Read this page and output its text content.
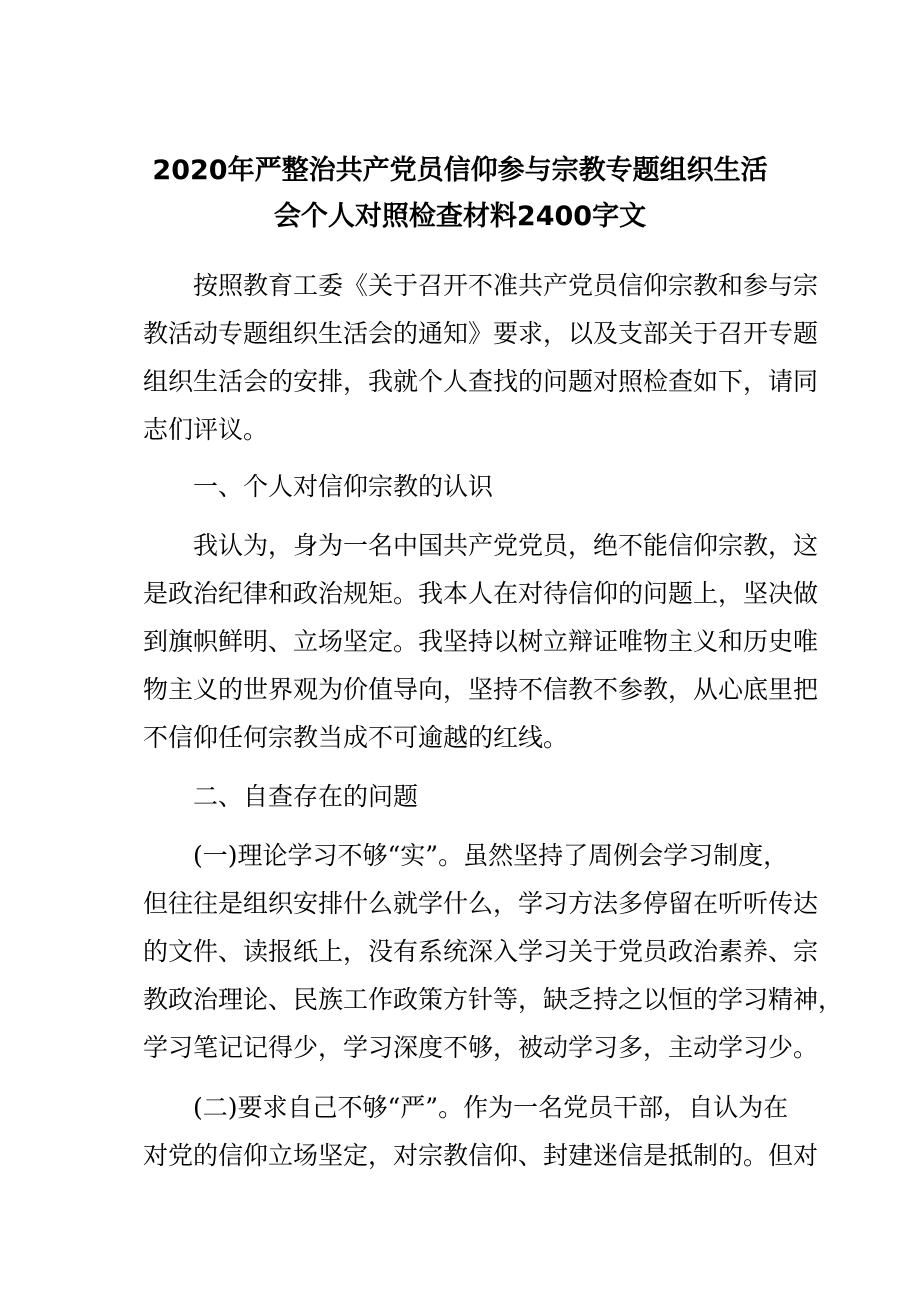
2020年严整治共产党员信仰参与宗教专题组织生活
会个人对照检查材料2400字文
按照教育工委《关于召开不准共产党员信仰宗教和参与宗
教活动专题组织生活会的通知》要求，以及支部关于召开专题
组织生活会的安排，我就个人查找的问题对照检查如下，请同
志们评议。
一、个人对信仰宗教的认识
我认为，身为一名中国共产党党员，绝不能信仰宗教，这
是政治纪律和政治规矩。我本人在对待信仰的问题上，坚决做
到旗帜鲜明、立场坚定。我坚持以树立辩证唯物主义和历史唯
物主义的世界观为价值导向，坚持不信教不参教，从心底里把
不信仰任何宗教当成不可逾越的红线。
二、自查存在的问题
(一)理论学习不够“实”。虽然坚持了周例会学习制度，
但往往是组织安排什么就学什么，学习方法多停留在听听传达
的文件、读报纸上，没有系统深入学习关于党员政治素养、宗
教政治理论、民族工作政策方针等，缺乏持之以恒的学习精神，
学习笔记记得少，学习深度不够，被动学习多，主动学习少。
(二)要求自己不够“严”。作为一名党员干部，自认为在
对党的信仰立场坚定，对宗教信仰、封建迷信是抵制的。但对
